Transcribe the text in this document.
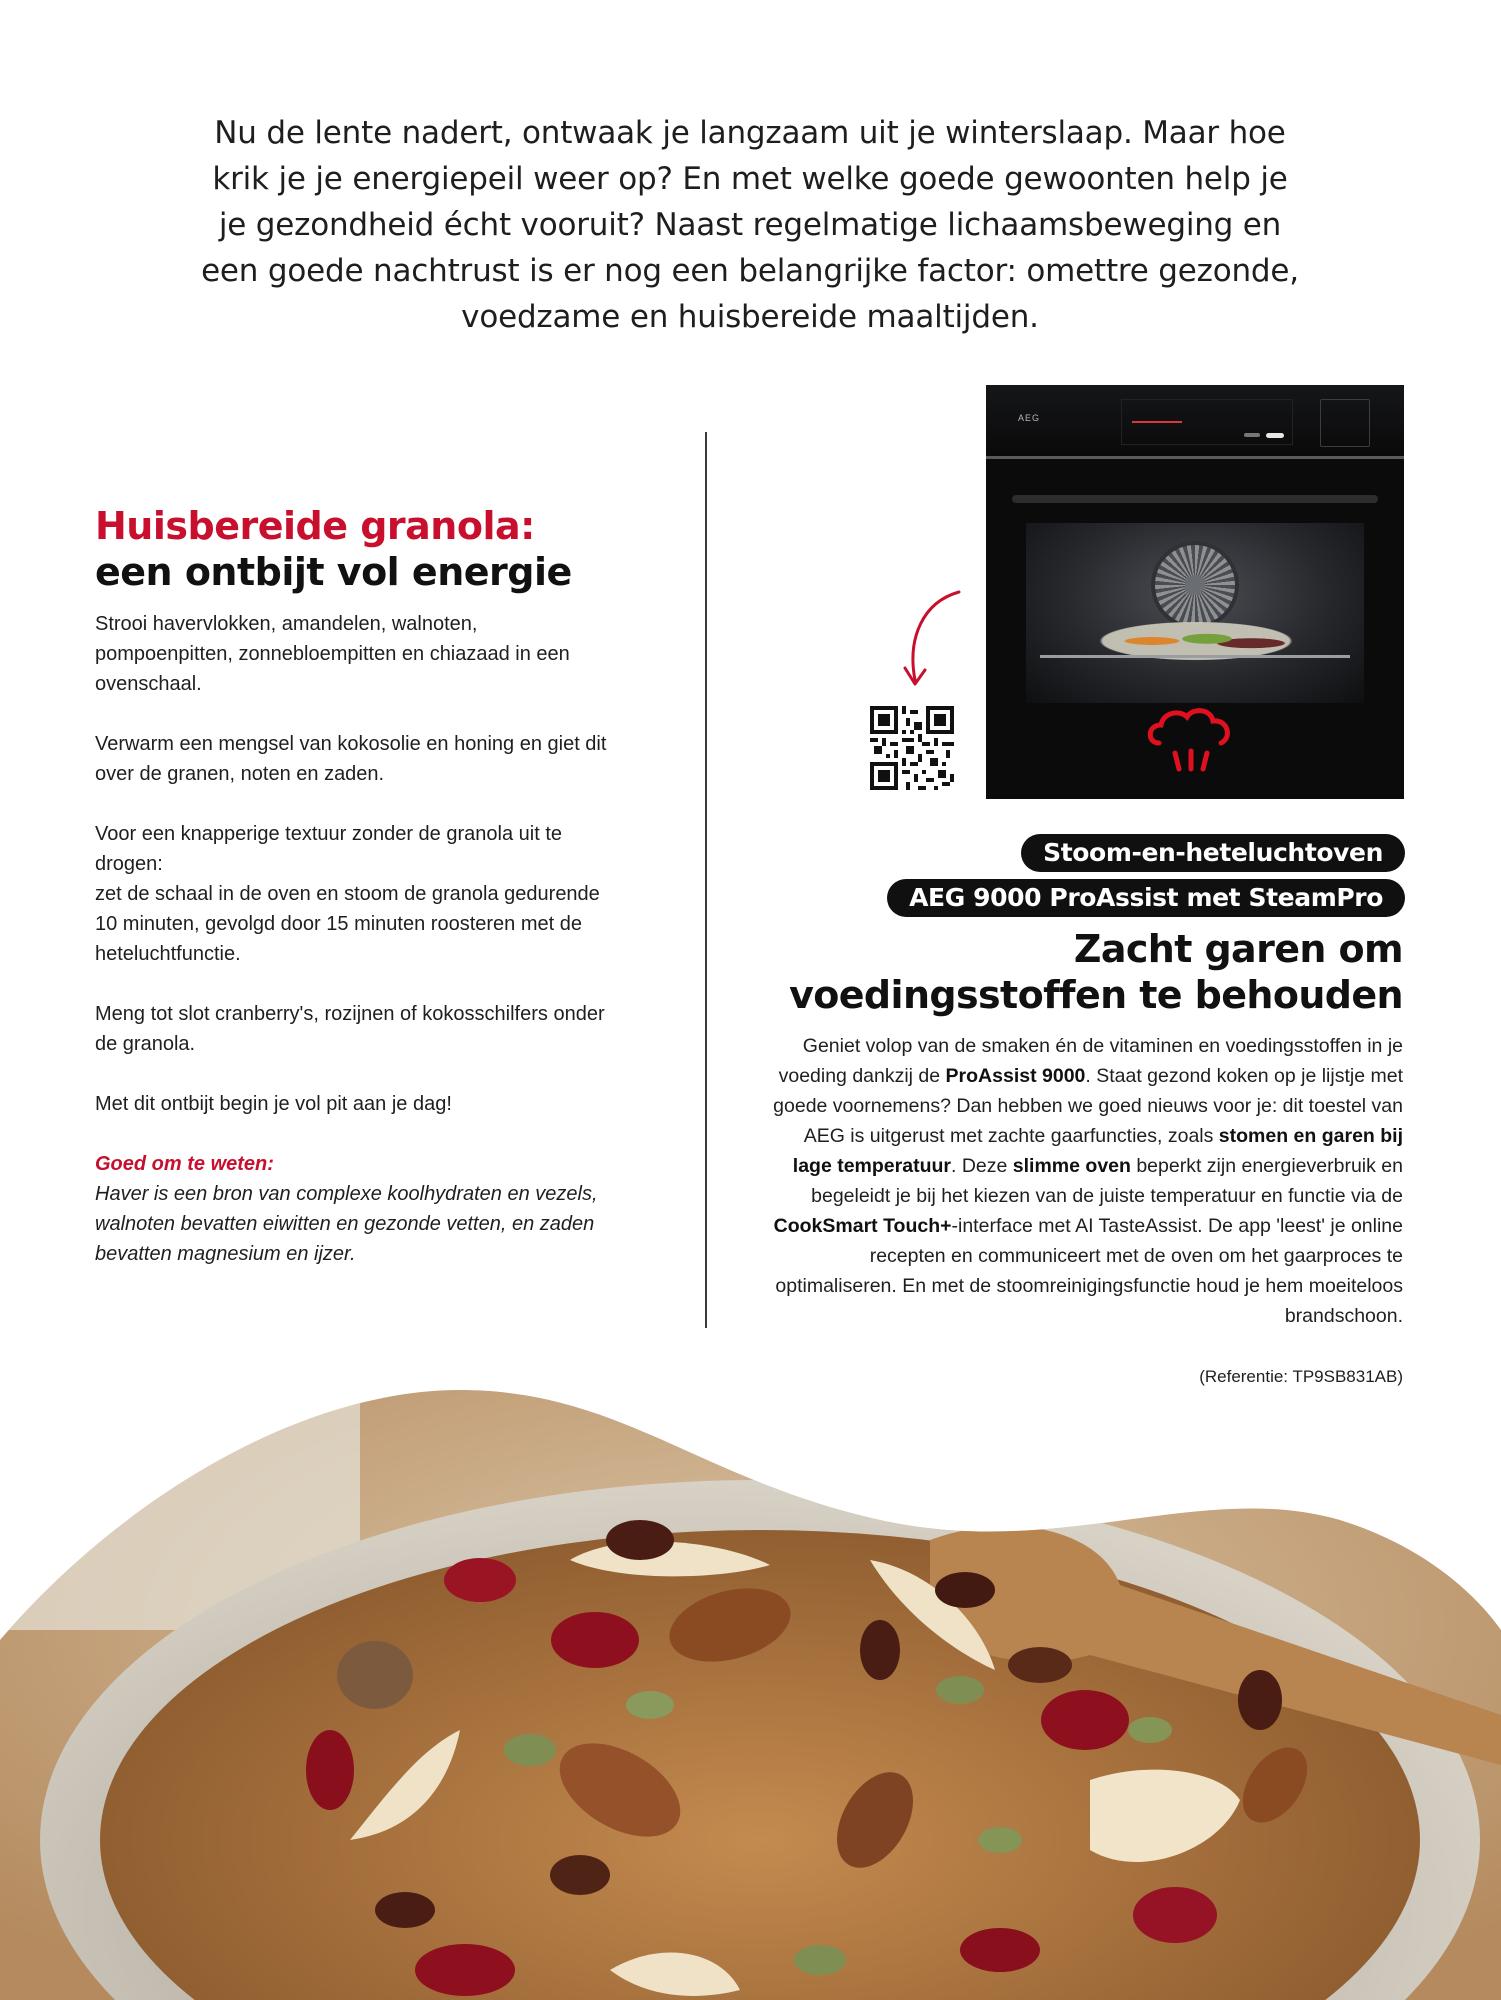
Nu de lente nadert, ontwaak je langzaam uit je winterslaap. Maar hoe
krik je je energiepeil weer op? En met welke goede gewoonten help je
je gezondheid écht vooruit? Naast regelmatige lichaamsbeweging en
een goede nachtrust is er nog een belangrijke factor: omettre gezonde,
voedzame en huisbereide maaltijden.
Huisbereide granola:
een ontbijt vol energie

Strooi havervlokken, amandelen, walnoten, pompoenpitten, zonnebloempitten en chiazaad in een ovenschaal.

Verwarm een mengsel van kokosolie en honing en giet dit over de granen, noten en zaden.

Voor een knapperige textuur zonder de granola uit te drogen:
zet de schaal in de oven en stoom de granola gedurende 10 minuten, gevolgd door 15 minuten roosteren met de heteluchtfunctie.

Meng tot slot cranberry's, rozijnen of kokosschilfers onder de granola.

Met dit ontbijt begin je vol pit aan je dag!

Goed om te weten:
Haver is een bron van complexe koolhydraten en vezels, walnoten bevatten eiwitten en gezonde vetten, en zaden bevatten magnesium en ijzer.
AEG
Stoom-en-heteluchtoven
AEG 9000 ProAssist met SteamPro
Zacht garen om
voedingsstoffen te behouden

Geniet volop van de smaken én de vitaminen en voedingsstoffen in je voeding dankzij de ProAssist 9000. Staat gezond koken op je lijstje met goede voornemens? Dan hebben we goed nieuws voor je: dit toestel van AEG is uitgerust met zachte gaarfuncties, zoals stomen en garen bij lage temperatuur. Deze slimme oven beperkt zijn energieverbruik en begeleidt je bij het kiezen van de juiste temperatuur en functie via de CookSmart Touch+-interface met AI TasteAssist. De app 'leest' je online recepten en communiceert met de oven om het gaarproces te optimaliseren. En met de stoomreinigingsfunctie houd je hem moeiteloos brandschoon.

(Referentie: TP9SB831AB)
